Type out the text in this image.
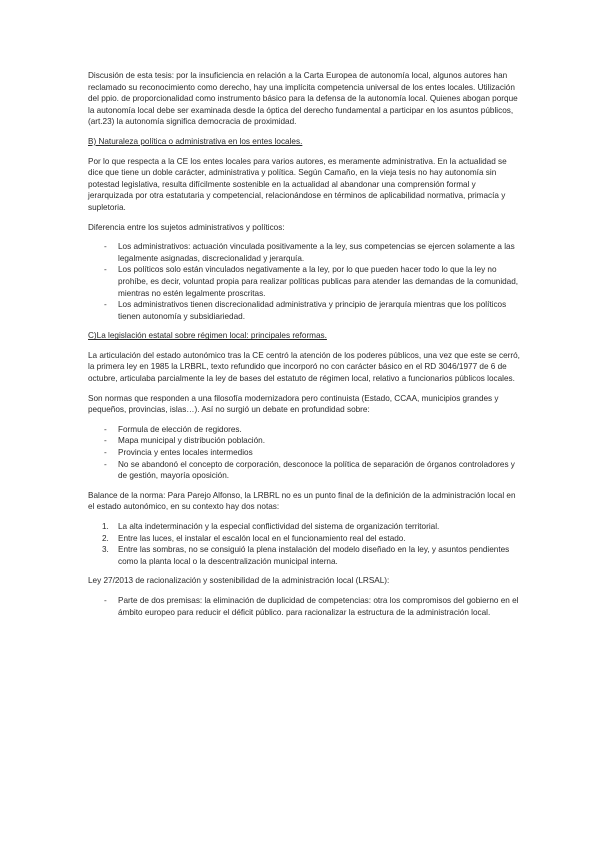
Discusión de esta tesis: por la insuficiencia en relación a la Carta Europea de autonomía local, algunos autores han reclamado su reconocimiento como derecho, hay una implícita competencia universal de los entes locales. Utilización del ppio. de proporcionalidad como instrumento básico para la defensa de la autonomía local. Quienes abogan porque la autonomía local debe ser examinada desde la óptica del derecho fundamental a participar en los asuntos públicos, (art.23) la autonomía significa democracia de proximidad.

B) Naturaleza política o administrativa en los entes locales.

Por lo que respecta a la CE los entes locales para varios autores, es meramente administrativa. En la actualidad se dice que tiene un doble carácter, administrativa y política. Según Camaño, en la vieja tesis no hay autonomía sin potestad legislativa, resulta difícilmente sostenible en la actualidad al abandonar una comprensión formal y jerarquizada por otra estatutaria y competencial, relacionándose en términos de aplicabilidad normativa, primacía y supletoria.

Diferencia entre los sujetos administrativos y políticos:

- Los administrativos: actuación vinculada positivamente a la ley, sus competencias se ejercen solamente a las legalmente asignadas, discrecionalidad y jerarquía.
- Los políticos solo están vinculados negativamente a la ley, por lo que pueden hacer todo lo que la ley no prohíbe, es decir, voluntad propia para realizar políticas publicas para atender las demandas de la comunidad, mientras no estén legalmente proscritas.
- Los administrativos tienen discrecionalidad administrativa y principio de jerarquía mientras que los políticos tienen autonomía y subsidiariedad.

C)La legislación estatal sobre régimen local: principales reformas.

La articulación del estado autonómico tras la CE centró la atención de los poderes públicos, una vez que este se cerró, la primera ley en 1985 la LRBRL, texto refundido que incorporó no con carácter básico en el RD 3046/1977 de 6 de octubre, articulaba parcialmente la ley de bases del estatuto de régimen local, relativo a funcionarios públicos locales.

Son normas que responden a una filosofía modernizadora pero continuista (Estado, CCAA, municipios grandes y pequeños, provincias, islas…). Así no surgió un debate en profundidad sobre:

- Formula de elección de regidores.
- Mapa municipal y distribución población.
- Provincia y entes locales intermedios
- No se abandonó el concepto de corporación, desconoce la política de separación de órganos controladores y de gestión, mayoría oposición.

Balance de la norma: Para Parejo Alfonso, la LRBRL no es un punto final de la definición de la administración local en el estado autonómico, en su contexto hay dos notas:

1. La alta indeterminación y la especial conflictividad del sistema de organización territorial.
2. Entre las luces, el instalar el escalón local en el funcionamiento real del estado.
3. Entre las sombras, no se consiguió la plena instalación del modelo diseñado en la ley, y asuntos pendientes como la planta local o la descentralización municipal interna.

Ley 27/2013 de racionalización y sostenibilidad de la administración local (LRSAL):

- Parte de dos premisas: la eliminación de duplicidad de competencias: otra los compromisos del gobierno en el ámbito europeo para reducir el déficit público. para racionalizar la estructura de la administración local.
